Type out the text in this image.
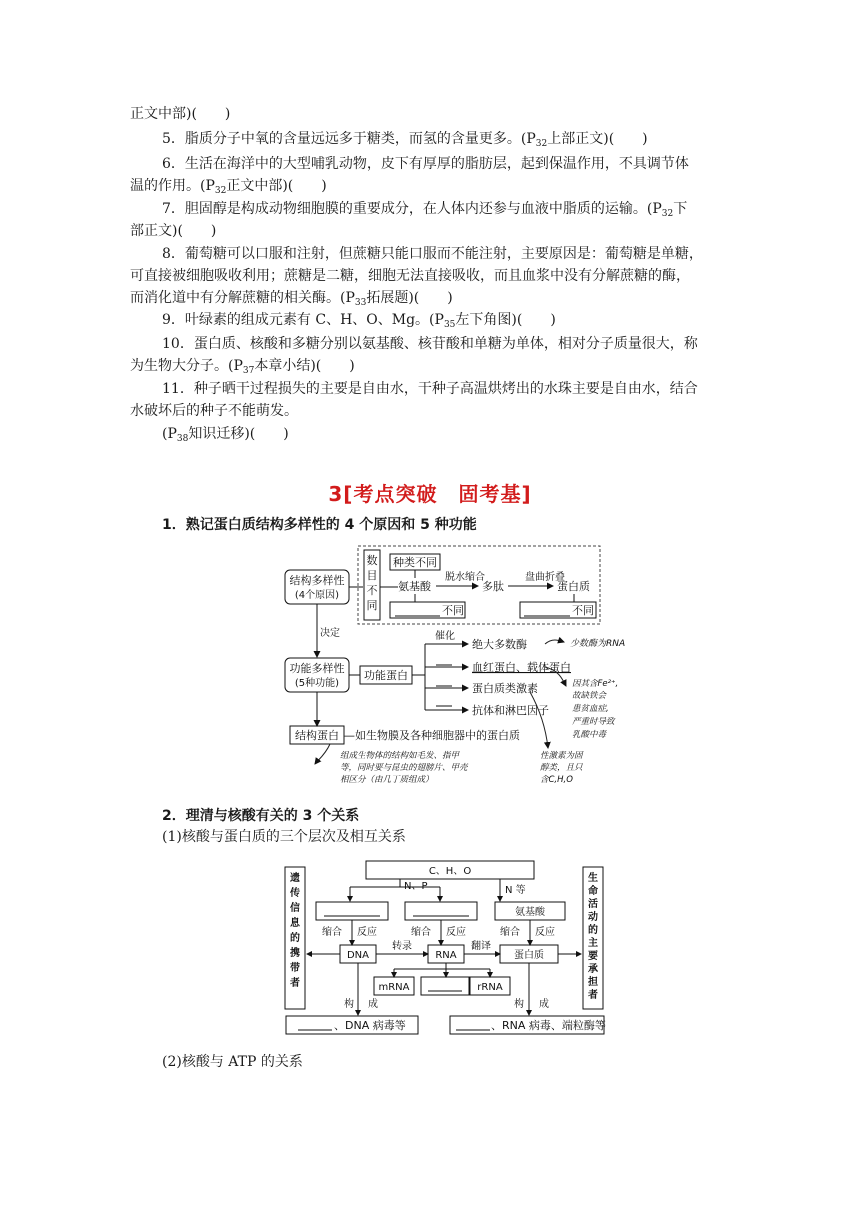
正文中部)(　　)
5．脂质分子中氧的含量远远多于糖类，而氢的含量更多。($P_{32}$上部正文)(　　)
6．生活在海洋中的大型哺乳动物，皮下有厚厚的脂肪层，起到保温作用，不具调节体
温的作用。($P_{32}$正文中部)(　　)
7．胆固醇是构成动物细胞膜的重要成分，在人体内还参与血液中脂质的运输。($P_{32}$下
部正文)(　　)
8．葡萄糖可以口服和注射，但蔗糖只能口服而不能注射，主要原因是：葡萄糖是单糖，
可直接被细胞吸收利用；蔗糖是二糖，细胞无法直接吸收，而且血浆中没有分解蔗糖的酶，
而消化道中有分解蔗糖的相关酶。($P_{33}$拓展题)(　　)
9．叶绿素的组成元素有 C、H、O、Mg。($P_{35}$左下角图)(　　)
10．蛋白质、核酸和多糖分别以氨基酸、核苷酸和单糖为单体，相对分子质量很大，称
为生物大分子。($P_{37}$本章小结)(　　)
11．种子晒干过程损失的主要是自由水，干种子高温烘烤出的水珠主要是自由水，结合
水破坏后的种子不能萌发。
($P_{38}$知识迁移)(　　)
3[考点突破　固考基]
1．熟记蛋白质结构多样性的 4 个原因和 5 种功能
结构多样性
(4个原因)
数
目
不
同
种类不同
氨基酸
脱水缩合
多肽
盘曲折叠
蛋白质
不同	不同
决定
功能多样性
(5种功能)
功能蛋白
催化
绝大多数酶
血红蛋白、载体蛋白
蛋白质类激素
抗体和淋巴因子
少数酶为RNA
因其含Fe²⁺,
故缺铁会
患贫血症,
严重时导致
乳酸中毒
性激素为固
醇类，且只
含C,H,O
结构蛋白 —如生物膜及各种细胞器中的蛋白质
组成生物体的结构如毛发、指甲
等，同时要与昆虫的翅膀片、甲壳
相区分（由几丁质组成）
2．理清与核酸有关的 3 个关系
(1)核酸与蛋白质的三个层次及相互关系
遗
传
信
息
的
携
带
者
生
命
活
动
的
主
要
承
担
者
C、H、O
N、P	N 等
氨基酸
缩合 反应	缩合 反应	缩合 反应
DNA
转录
RNA
翻译
蛋白质
mRNA	rRNA
构 成	构 成
、DNA 病毒等	、RNA 病毒、端粒酶等
(2)核酸与 ATP 的关系
